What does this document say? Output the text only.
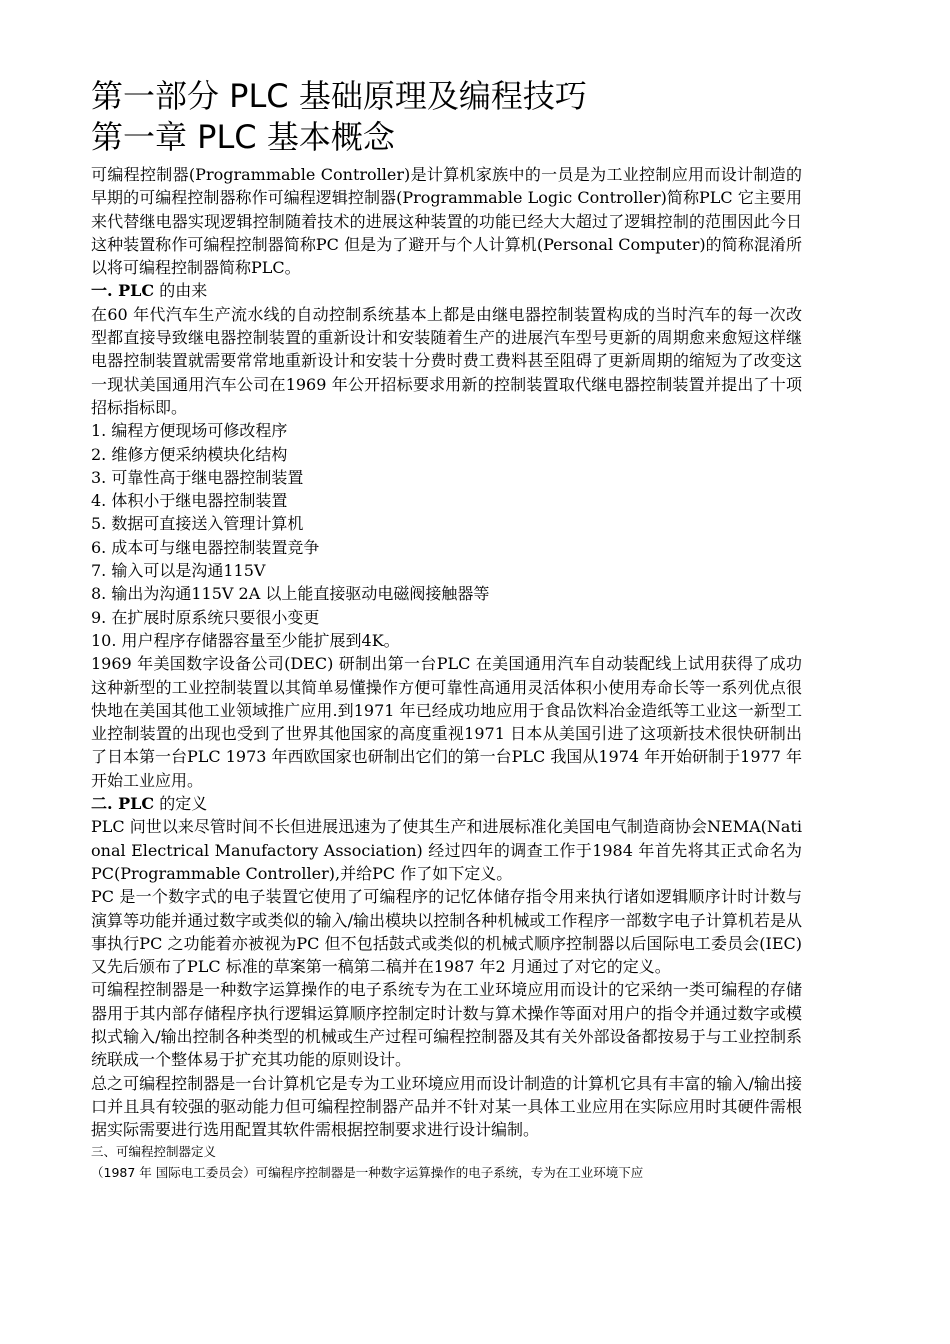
第一部分 PLC 基础原理及编程技巧
第一章 PLC 基本概念

可编程控制器(Programmable Controller)是计算机家族中的一员是为工业控制应用而设计制造的早期的可编程控制器称作可编程逻辑控制器(Programmable Logic Controller)简称PLC 它主要用来代替继电器实现逻辑控制随着技术的进展这种装置的功能已经大大超过了逻辑控制的范围因此今日这种装置称作可编程控制器简称PC 但是为了避开与个人计算机(Personal Computer)的简称混淆所以将可编程控制器简称PLC。

一. PLC 的由来

在60 年代汽车生产流水线的自动控制系统基本上都是由继电器控制装置构成的当时汽车的每一次改型都直接导致继电器控制装置的重新设计和安装随着生产的进展汽车型号更新的周期愈来愈短这样继电器控制装置就需要常常地重新设计和安装十分费时费工费料甚至阻碍了更新周期的缩短为了改变这一现状美国通用汽车公司在1969 年公开招标要求用新的控制装置取代继电器控制装置并提出了十项招标指标即。

1. 编程方便现场可修改程序
2. 维修方便采纳模块化结构
3. 可靠性高于继电器控制装置
4. 体积小于继电器控制装置
5. 数据可直接送入管理计算机
6. 成本可与继电器控制装置竞争
7. 输入可以是沟通115V
8. 输出为沟通115V 2A 以上能直接驱动电磁阀接触器等
9. 在扩展时原系统只要很小变更
10. 用户程序存储器容量至少能扩展到4K。

1969 年美国数字设备公司(DEC) 研制出第一台PLC 在美国通用汽车自动装配线上试用获得了成功这种新型的工业控制装置以其简单易懂操作方便可靠性高通用灵活体积小使用寿命长等一系列优点很快地在美国其他工业领域推广应用.到1971 年已经成功地应用于食品饮料冶金造纸等工业这一新型工业控制装置的出现也受到了世界其他国家的高度重视1971 日本从美国引进了这项新技术很快研制出了日本第一台PLC 1973 年西欧国家也研制出它们的第一台PLC 我国从1974 年开始研制于1977 年开始工业应用。

二. PLC 的定义

PLC 问世以来尽管时间不长但进展迅速为了使其生产和进展标准化美国电气制造商协会NEMA(National Electrical Manufactory Association) 经过四年的调查工作于1984 年首先将其正式命名为PC(Programmable Controller),并给PC 作了如下定义。

PC 是一个数字式的电子装置它使用了可编程序的记忆体储存指令用来执行诸如逻辑顺序计时计数与演算等功能并通过数字或类似的输入/输出模块以控制各种机械或工作程序一部数字电子计算机若是从事执行PC 之功能着亦被视为PC 但不包括鼓式或类似的机械式顺序控制器以后国际电工委员会(IEC)又先后颁布了PLC 标准的草案第一稿第二稿并在1987 年2 月通过了对它的定义。

可编程控制器是一种数字运算操作的电子系统专为在工业环境应用而设计的它采纳一类可编程的存储器用于其内部存储程序执行逻辑运算顺序控制定时计数与算术操作等面对用户的指令并通过数字或模拟式输入/输出控制各种类型的机械或生产过程可编程控制器及其有关外部设备都按易于与工业控制系统联成一个整体易于扩充其功能的原则设计。

总之可编程控制器是一台计算机它是专为工业环境应用而设计制造的计算机它具有丰富的输入/输出接口并且具有较强的驱动能力但可编程控制器产品并不针对某一具体工业应用在实际应用时其硬件需根据实际需要进行选用配置其软件需根据控制要求进行设计编制。

三、可编程控制器定义

（1987 年 国际电工委员会）可编程序控制器是一种数字运算操作的电子系统，专为在工业环境下应
